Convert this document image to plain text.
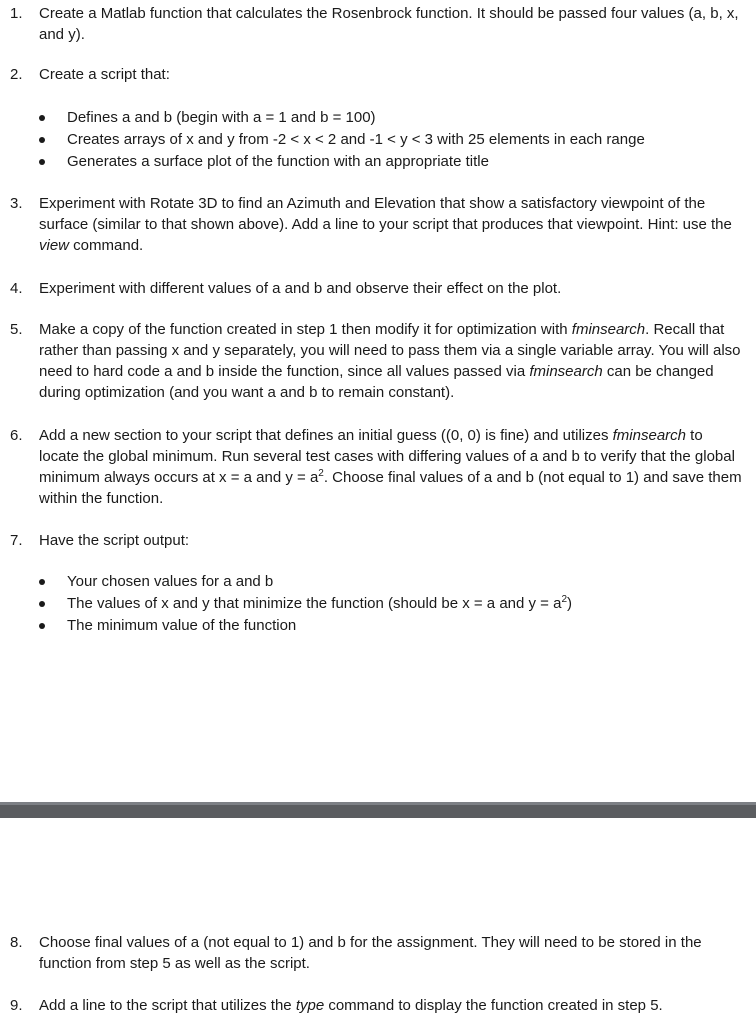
1.	Create a Matlab function that calculates the Rosenbrock function. It should be passed four values (a, b, x, and y).
2.	Create a script that:
Defines a and b (begin with a = 1 and b = 100)
Creates arrays of x and y from -2 < x < 2 and -1 < y < 3 with 25 elements in each range
Generates a surface plot of the function with an appropriate title
3.	Experiment with Rotate 3D to find an Azimuth and Elevation that show a satisfactory viewpoint of the surface (similar to that shown above). Add a line to your script that produces that viewpoint. Hint: use the view command.
4.	Experiment with different values of a and b and observe their effect on the plot.
5.	Make a copy of the function created in step 1 then modify it for optimization with fminsearch. Recall that rather than passing x and y separately, you will need to pass them via a single variable array. You will also need to hard code a and b inside the function, since all values passed via fminsearch can be changed during optimization (and you want a and b to remain constant).
6.	Add a new section to your script that defines an initial guess ((0, 0) is fine) and utilizes fminsearch to locate the global minimum. Run several test cases with differing values of a and b to verify that the global minimum always occurs at x = a and $y = a^2$. Choose final values of a and b (not equal to 1) and save them within the function.
7.	Have the script output:
Your chosen values for a and b
The values of x and y that minimize the function (should be x = a and $y = a^2$)
The minimum value of the function
8.	Choose final values of a (not equal to 1) and b for the assignment. They will need to be stored in the function from step 5 as well as the script.
9.	Add a line to the script that utilizes the type command to display the function created in step 5.
